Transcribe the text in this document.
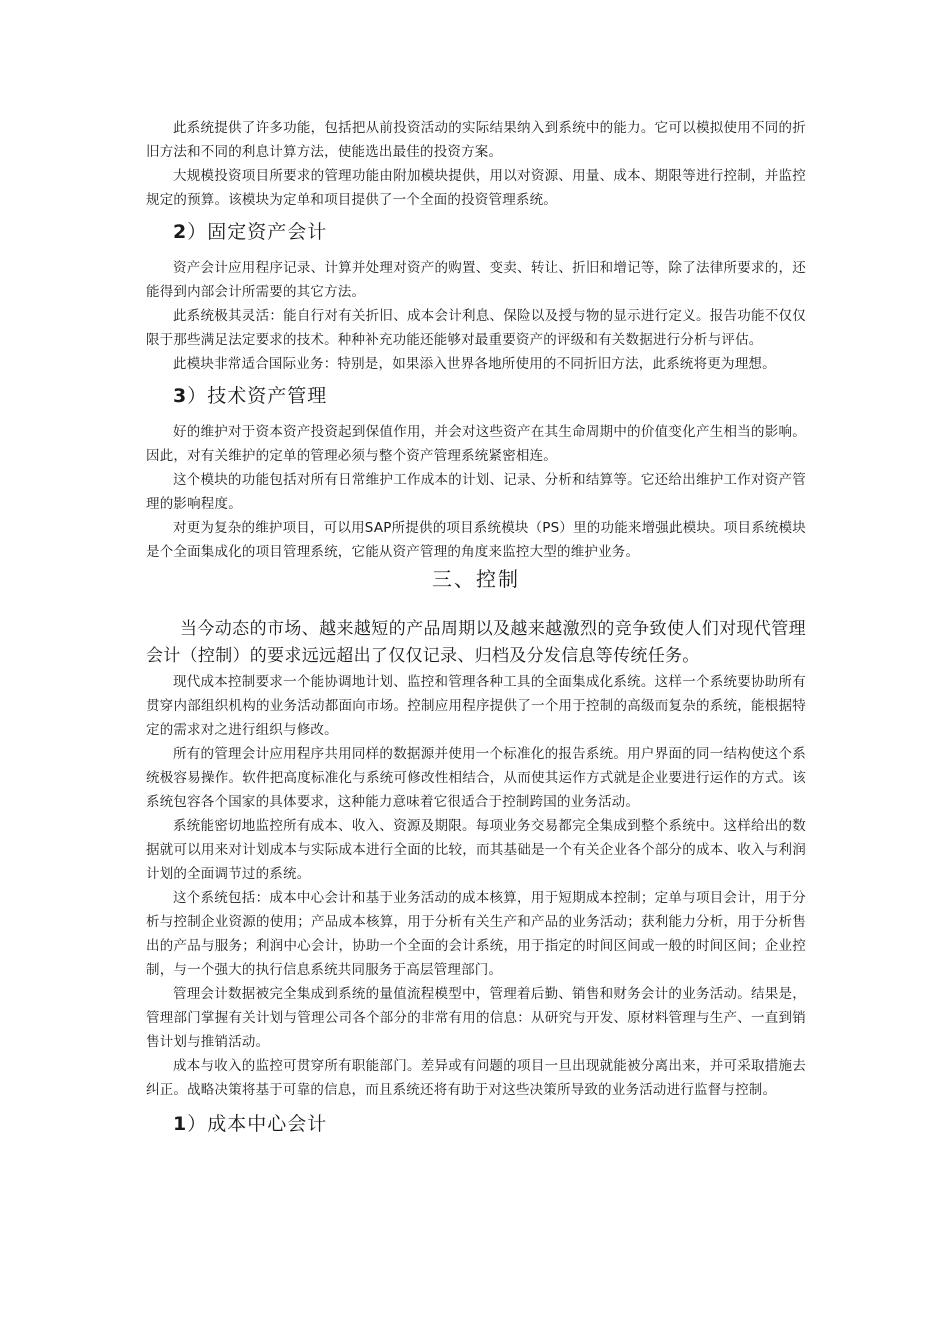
此系统提供了许多功能，包括把从前投资活动的实际结果纳入到系统中的能力。它可以模拟使用不同的折旧方法和不同的利息计算方法，使能选出最佳的投资方案。

大规模投资项目所要求的管理功能由附加模块提供，用以对资源、用量、成本、期限等进行控制，并监控规定的预算。该模块为定单和项目提供了一个全面的投资管理系统。

2）固定资产会计

资产会计应用程序记录、计算并处理对资产的购置、变卖、转让、折旧和增记等，除了法律所要求的，还能得到内部会计所需要的其它方法。

此系统极其灵活：能自行对有关折旧、成本会计利息、保险以及授与物的显示进行定义。报告功能不仅仅限于那些满足法定要求的技术。种种补充功能还能够对最重要资产的评级和有关数据进行分析与评估。

此模块非常适合国际业务：特别是，如果添入世界各地所使用的不同折旧方法，此系统将更为理想。

3）技术资产管理

好的维护对于资本资产投资起到保值作用，并会对这些资产在其生命周期中的价值变化产生相当的影响。因此，对有关维护的定单的管理必须与整个资产管理系统紧密相连。

这个模块的功能包括对所有日常维护工作成本的计划、记录、分析和结算等。它还给出维护工作对资产管理的影响程度。

对更为复杂的维护项目，可以用SAP所提供的项目系统模块（PS）里的功能来增强此模块。项目系统模块是个全面集成化的项目管理系统，它能从资产管理的角度来监控大型的维护业务。

三、控制

当今动态的市场、越来越短的产品周期以及越来越激烈的竞争致使人们对现代管理会计（控制）的要求远远超出了仅仅记录、归档及分发信息等传统任务。

现代成本控制要求一个能协调地计划、监控和管理各种工具的全面集成化系统。这样一个系统要协助所有贯穿内部组织机构的业务活动都面向市场。控制应用程序提供了一个用于控制的高级而复杂的系统，能根据特定的需求对之进行组织与修改。

所有的管理会计应用程序共用同样的数据源并使用一个标准化的报告系统。用户界面的同一结构使这个系统极容易操作。软件把高度标准化与系统可修改性相结合，从而使其运作方式就是企业要进行运作的方式。该系统包容各个国家的具体要求，这种能力意味着它很适合于控制跨国的业务活动。

系统能密切地监控所有成本、收入、资源及期限。每项业务交易都完全集成到整个系统中。这样给出的数据就可以用来对计划成本与实际成本进行全面的比较，而其基础是一个有关企业各个部分的成本、收入与利润计划的全面调节过的系统。

这个系统包括：成本中心会计和基于业务活动的成本核算，用于短期成本控制；定单与项目会计，用于分析与控制企业资源的使用；产品成本核算，用于分析有关生产和产品的业务活动；获利能力分析，用于分析售出的产品与服务；利润中心会计，协助一个全面的会计系统，用于指定的时间区间或一般的时间区间；企业控制，与一个强大的执行信息系统共同服务于高层管理部门。

管理会计数据被完全集成到系统的量值流程模型中，管理着后勤、销售和财务会计的业务活动。结果是，管理部门掌握有关计划与管理公司各个部分的非常有用的信息：从研究与开发、原材料管理与生产、一直到销售计划与推销活动。

成本与收入的监控可贯穿所有职能部门。差异或有问题的项目一旦出现就能被分离出来，并可采取措施去纠正。战略决策将基于可靠的信息，而且系统还将有助于对这些决策所导致的业务活动进行监督与控制。

1）成本中心会计
